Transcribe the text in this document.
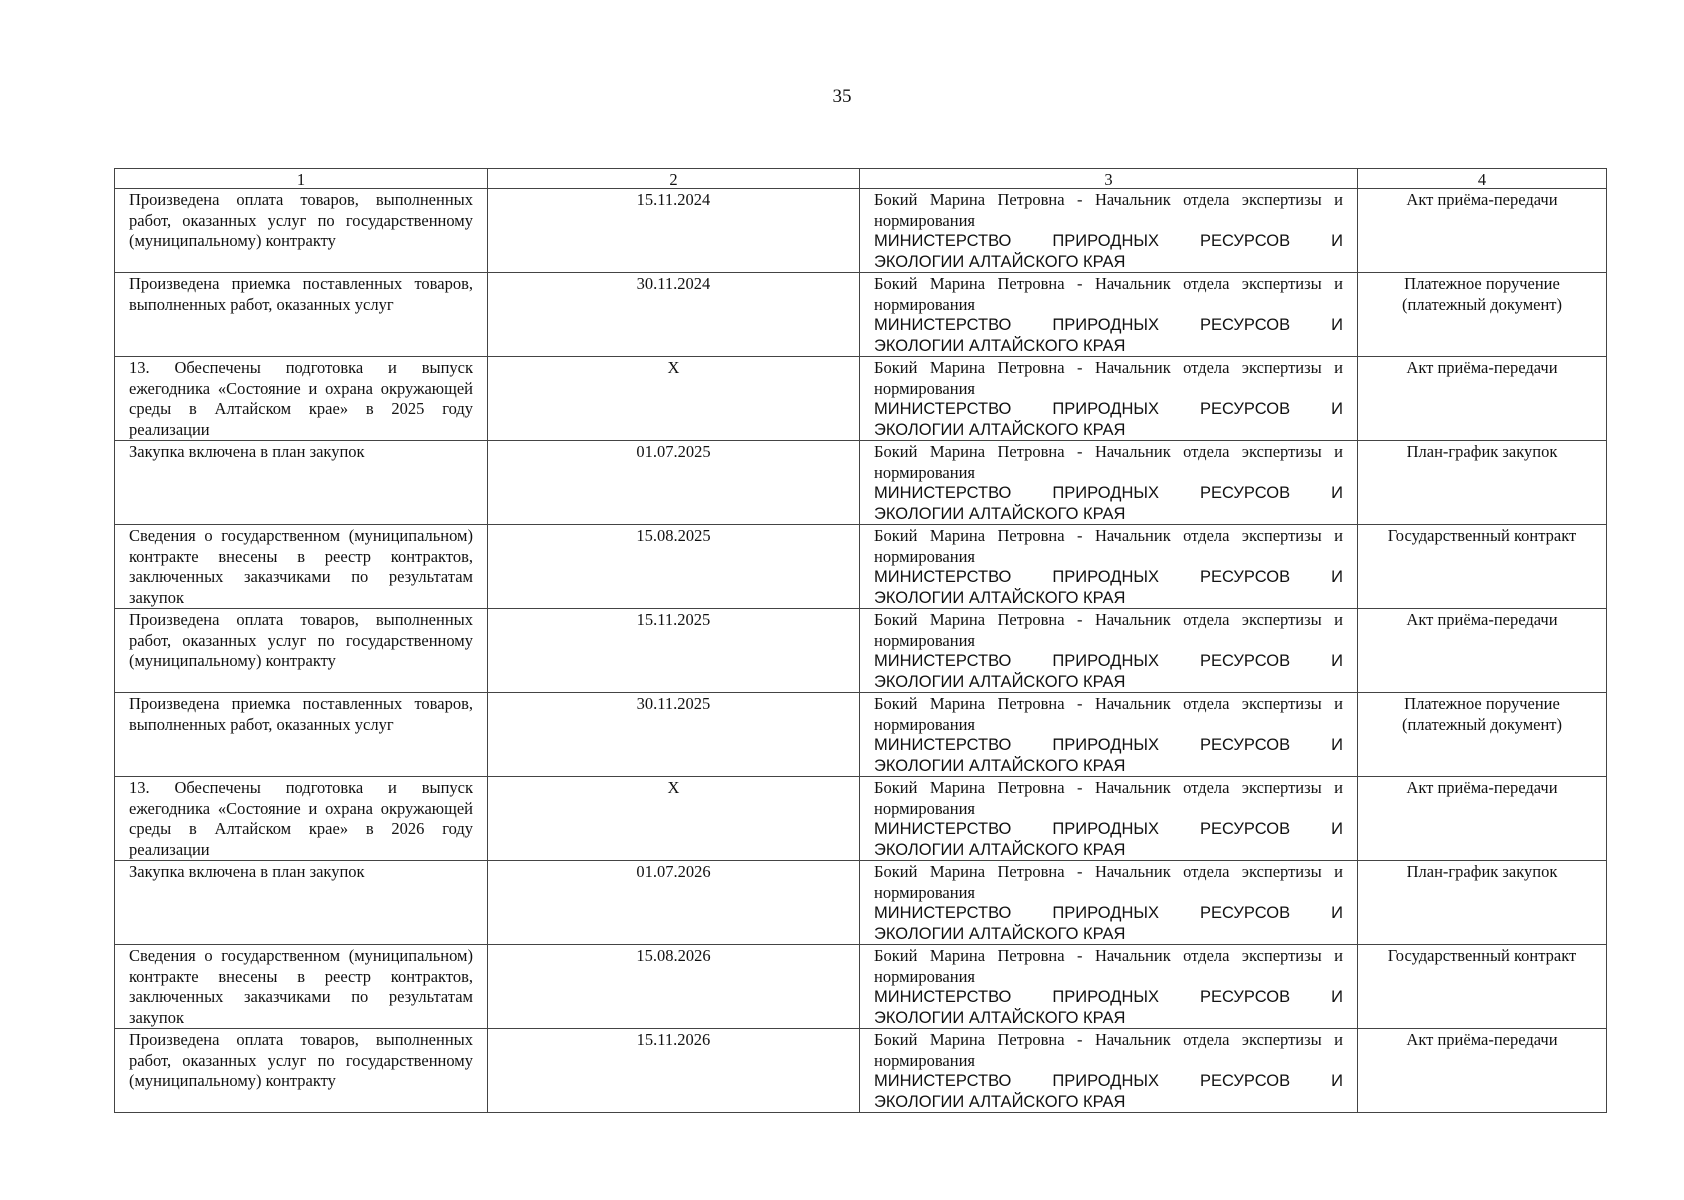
35
1	2	3	4
Произведена оплата товаров, выполненных работ, оказанных услуг по государственному (муниципальному) контракту	15.11.2024	Бокий Марина Петровна - Начальник отдела экспертизы и нормирования
МИНИСТЕРСТВО ПРИРОДНЫХ РЕСУРСОВ И
ЭКОЛОГИИ АЛТАЙСКОГО КРАЯ	Акт приёма-передачи
Произведена приемка поставленных товаров, выполненных работ, оказанных услуг	30.11.2024	Бокий Марина Петровна - Начальник отдела экспертизы и нормирования
МИНИСТЕРСТВО ПРИРОДНЫХ РЕСУРСОВ И
ЭКОЛОГИИ АЛТАЙСКОГО КРАЯ	Платежное поручение (платежный документ)
13. Обеспечены подготовка и выпуск ежегодника «Состояние и охрана окружающей среды в Алтайском крае» в 2025 году реализации	X	Бокий Марина Петровна - Начальник отдела экспертизы и нормирования
МИНИСТЕРСТВО ПРИРОДНЫХ РЕСУРСОВ И
ЭКОЛОГИИ АЛТАЙСКОГО КРАЯ	Акт приёма-передачи
Закупка включена в план закупок	01.07.2025	Бокий Марина Петровна - Начальник отдела экспертизы и нормирования
МИНИСТЕРСТВО ПРИРОДНЫХ РЕСУРСОВ И
ЭКОЛОГИИ АЛТАЙСКОГО КРАЯ	План-график закупок
Сведения о государственном (муниципальном) контракте внесены в реестр контрактов, заключенных заказчиками по результатам закупок	15.08.2025	Бокий Марина Петровна - Начальник отдела экспертизы и нормирования
МИНИСТЕРСТВО ПРИРОДНЫХ РЕСУРСОВ И
ЭКОЛОГИИ АЛТАЙСКОГО КРАЯ	Государственный контракт
Произведена оплата товаров, выполненных работ, оказанных услуг по государственному (муниципальному) контракту	15.11.2025	Бокий Марина Петровна - Начальник отдела экспертизы и нормирования
МИНИСТЕРСТВО ПРИРОДНЫХ РЕСУРСОВ И
ЭКОЛОГИИ АЛТАЙСКОГО КРАЯ	Акт приёма-передачи
Произведена приемка поставленных товаров, выполненных работ, оказанных услуг	30.11.2025	Бокий Марина Петровна - Начальник отдела экспертизы и нормирования
МИНИСТЕРСТВО ПРИРОДНЫХ РЕСУРСОВ И
ЭКОЛОГИИ АЛТАЙСКОГО КРАЯ	Платежное поручение (платежный документ)
13. Обеспечены подготовка и выпуск ежегодника «Состояние и охрана окружающей среды в Алтайском крае» в 2026 году реализации	X	Бокий Марина Петровна - Начальник отдела экспертизы и нормирования
МИНИСТЕРСТВО ПРИРОДНЫХ РЕСУРСОВ И
ЭКОЛОГИИ АЛТАЙСКОГО КРАЯ	Акт приёма-передачи
Закупка включена в план закупок	01.07.2026	Бокий Марина Петровна - Начальник отдела экспертизы и нормирования
МИНИСТЕРСТВО ПРИРОДНЫХ РЕСУРСОВ И
ЭКОЛОГИИ АЛТАЙСКОГО КРАЯ	План-график закупок
Сведения о государственном (муниципальном) контракте внесены в реестр контрактов, заключенных заказчиками по результатам закупок	15.08.2026	Бокий Марина Петровна - Начальник отдела экспертизы и нормирования
МИНИСТЕРСТВО ПРИРОДНЫХ РЕСУРСОВ И
ЭКОЛОГИИ АЛТАЙСКОГО КРАЯ	Государственный контракт
Произведена оплата товаров, выполненных работ, оказанных услуг по государственному (муниципальному) контракту	15.11.2026	Бокий Марина Петровна - Начальник отдела экспертизы и нормирования
МИНИСТЕРСТВО ПРИРОДНЫХ РЕСУРСОВ И
ЭКОЛОГИИ АЛТАЙСКОГО КРАЯ	Акт приёма-передачи
